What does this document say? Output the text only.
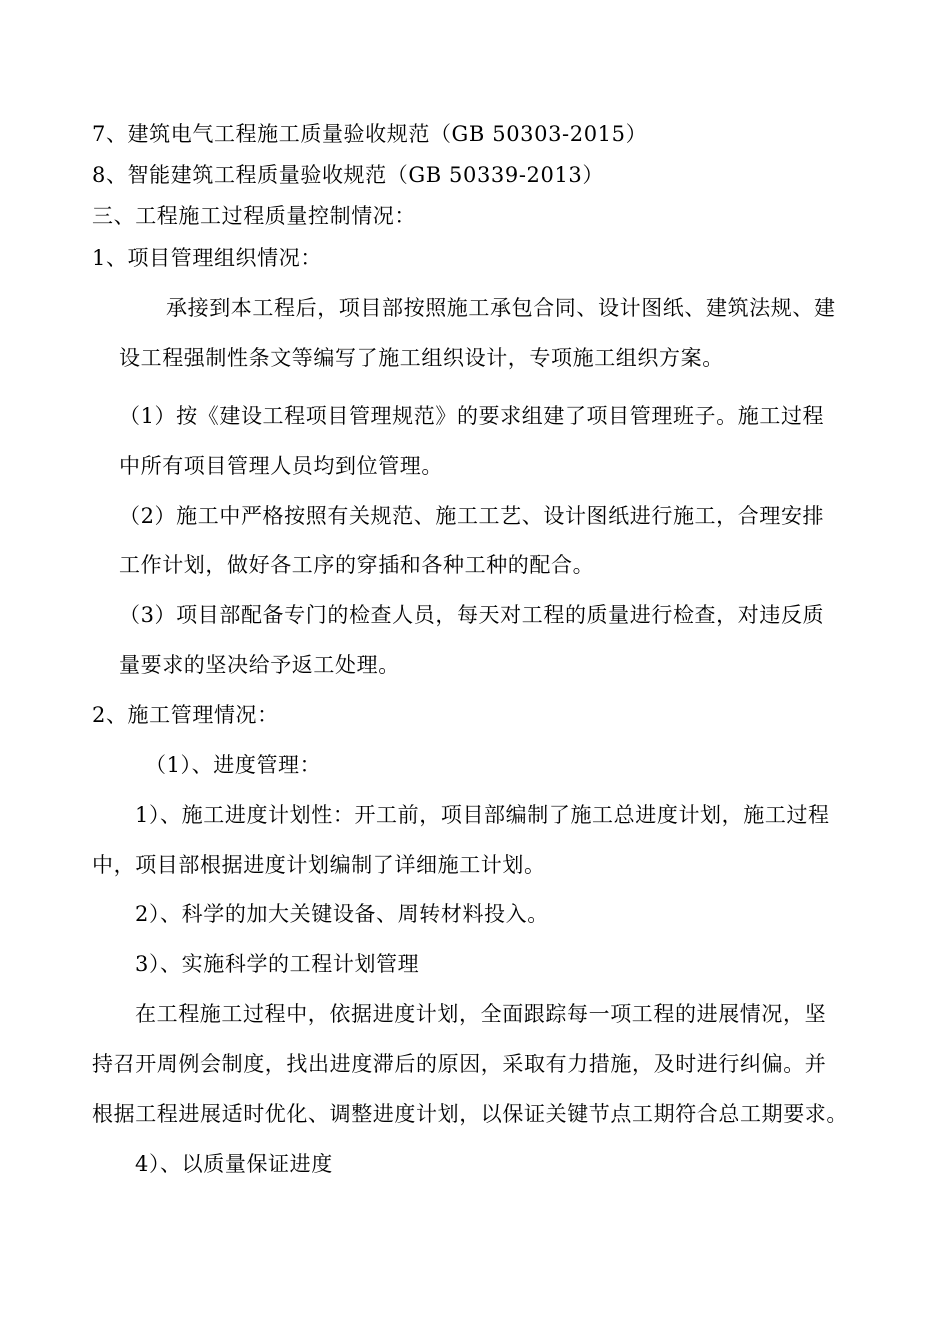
7、建筑电气工程施工质量验收规范（GB 50303-2015）
8、智能建筑工程质量验收规范（GB 50339-2013）
三、工程施工过程质量控制情况：
1、项目管理组织情况：
承接到本工程后，项目部按照施工承包合同、设计图纸、建筑法规、建
设工程强制性条文等编写了施工组织设计，专项施工组织方案。
（1）按《建设工程项目管理规范》的要求组建了项目管理班子。施工过程
中所有项目管理人员均到位管理。
（2）施工中严格按照有关规范、施工工艺、设计图纸进行施工，合理安排
工作计划，做好各工序的穿插和各种工种的配合。
（3）项目部配备专门的检查人员，每天对工程的质量进行检查，对违反质
量要求的坚决给予返工处理。
2、施工管理情况：
（1）、进度管理：
1）、施工进度计划性：开工前，项目部编制了施工总进度计划，施工过程
中，项目部根据进度计划编制了详细施工计划。
2）、科学的加大关键设备、周转材料投入。
3）、实施科学的工程计划管理
在工程施工过程中，依据进度计划，全面跟踪每一项工程的进展情况，坚
持召开周例会制度，找出进度滞后的原因，采取有力措施，及时进行纠偏。并
根据工程进展适时优化、调整进度计划，以保证关键节点工期符合总工期要求。
4）、以质量保证进度
